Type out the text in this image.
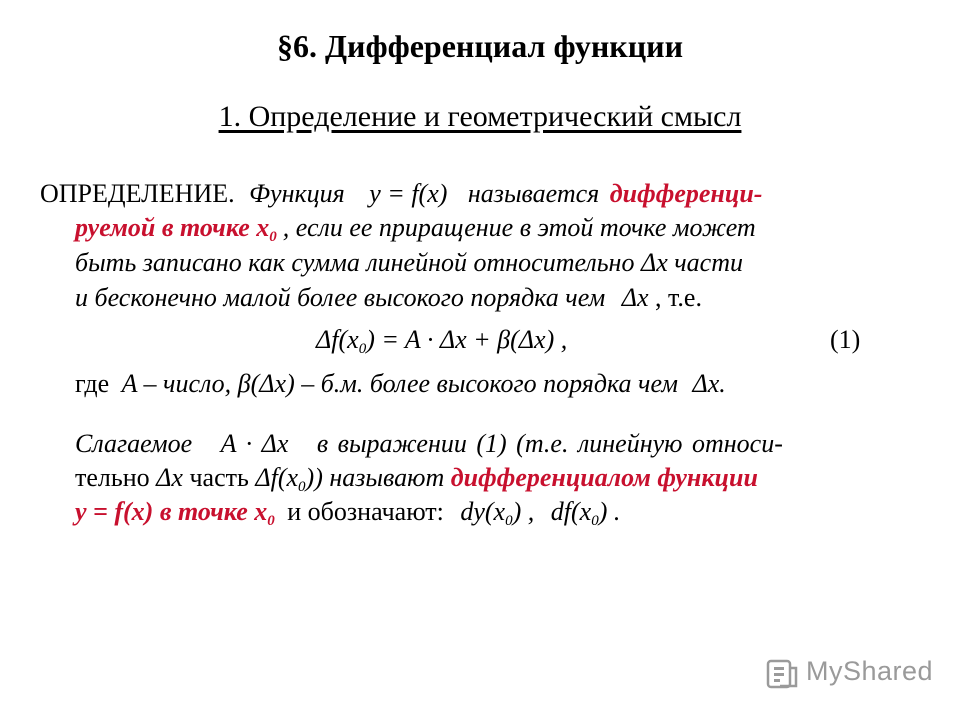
§6. Дифференциал функции
1. Определение и геометрический смысл
ОПРЕДЕЛЕНИЕ. Функция y = f(x) называется дифференци-
руемой в точке $x_0$ , если ее приращение в этой точке может
быть записано как сумма линейной относительно Δx части
и бесконечно малой более высокого порядка чем Δx , т.е.
$\Delta f(x_0) = A \cdot \Delta x + \beta(\Delta x)$ ,	(1)
где A – число, β(Δx) – б.м. более высокого порядка чем Δx.
Слагаемое   A · Δx   в выражении (1) (т.е. линейную относи-
тельно Δx часть $\Delta f(x_0)$) называют дифференциалом функции
y = f(x) в точке $x_0$ и обозначают: $dy(x_0)$ , $df(x_0)$ .
MyShared
